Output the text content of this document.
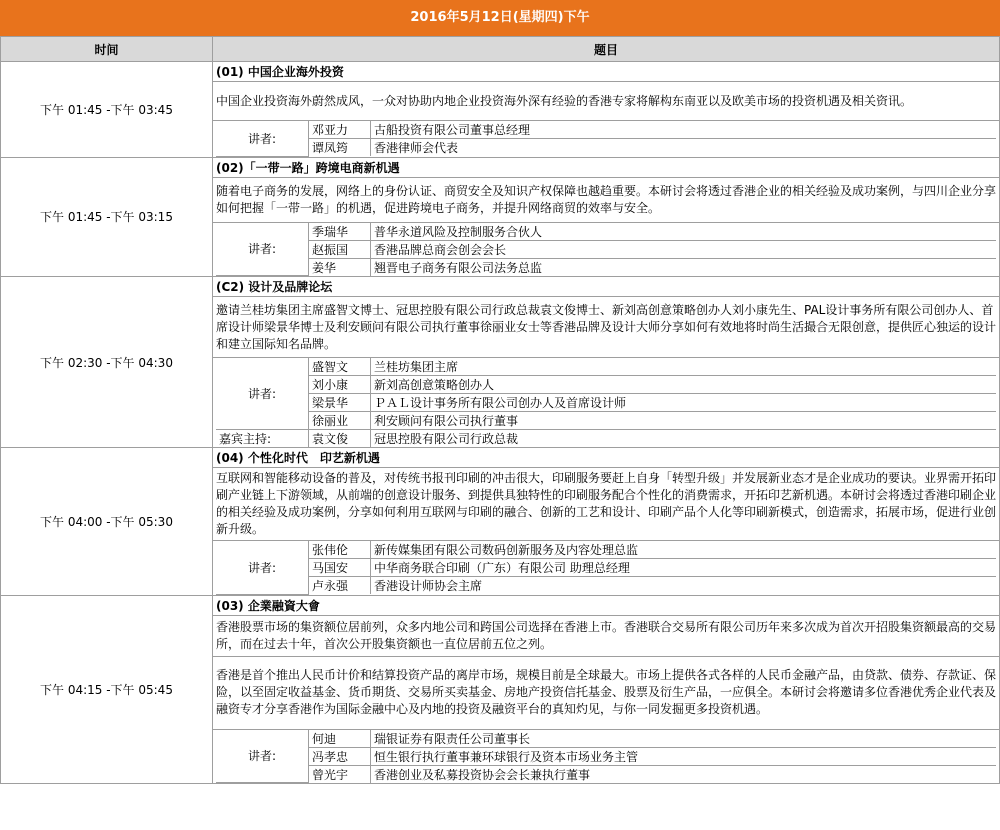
2016年5月12日(星期四)下午
时间	题目
下午 01:45 -下午 03:45	(01) 中国企业海外投资
中国企业投资海外蔚然成风，一众对协助内地企业投资海外深有经验的香港专家将解构东南亚以及欧美市场的投资机遇及相关资讯。

讲者:	邓亚力	古船投资有限公司董事总经理
谭凤筠	香港律师会代表

下午 01:45 -下午 03:15	(02)「一带一路」跨境电商新机遇
随着电子商务的发展，网络上的身份认证、商贸安全及知识产权保障也越趋重要。本研讨会将透过香港企业的相关经验及成功案例，与四川企业分享如何把握「一带一路」的机遇，促进跨境电子商务，并提升网络商贸的效率与安全。

讲者:	季瑞华	普华永道风险及控制服务合伙人
赵振国	香港品牌总商会创会会长
姜华	翘晋电子商务有限公司法务总监

下午 02:30 -下午 04:30	(C2) 设计及品牌论坛
邀请兰桂坊集团主席盛智文博士、冠思控股有限公司行政总裁袁文俊博士、新刘高创意策略创办人刘小康先生、PAL设计事务所有限公司创办人、首席设计师梁景华博士及利安顾问有限公司执行董事徐丽业女士等香港品牌及设计大师分享如何有效地将时尚生活撮合无限创意，提供匠心独运的设计和建立国际知名品牌。

讲者:	盛智文	兰桂坊集团主席
刘小康	新刘高创意策略创办人
梁景华	ＰＡＬ设计事务所有限公司创办人及首席设计师
徐丽业	利安顾问有限公司执行董事
嘉宾主持:	袁文俊	冠思控股有限公司行政总裁

下午 04:00 -下午 05:30	(04) 个性化时代　印艺新机遇
互联网和智能移动设备的普及，对传统书报刊印刷的冲击很大，印刷服务要赶上自身「转型升级」并发展新业态才是企业成功的要诀。业界需开拓印刷产业链上下游领域，从前端的创意设计服务、到提供具独特性的印刷服务配合个性化的消费需求，开拓印艺新机遇。本研讨会将透过香港印刷企业的相关经验及成功案例，分享如何利用互联网与印刷的融合、创新的工艺和设计、印刷产品个人化等印刷新模式，创造需求，拓展市场，促进行业创新升级。

讲者:	张伟伦	新传媒集团有限公司数码创新服务及内容处理总监
马国安	中华商务联合印刷（广东）有限公司 助理总经理
卢永强	香港设计师协会主席

下午 04:15 -下午 05:45	(03) 企業融資大會
香港股票市场的集资额位居前列，众多内地公司和跨国公司选择在香港上市。香港联合交易所有限公司历年来多次成为首次开招股集资额最高的交易所，而在过去十年，首次公开股集资额也一直位居前五位之列。
香港是首个推出人民币计价和结算投资产品的离岸市场，规模目前是全球最大。市场上提供各式各样的人民币金融产品，由贷款、债券、存款证、保险，以至固定收益基金、货币期货、交易所买卖基金、房地产投资信托基金、股票及衍生产品，一应俱全。本研讨会将邀请多位香港优秀企业代表及融资专才分享香港作为国际金融中心及内地的投资及融资平台的真知灼见，与你一同发掘更多投资机遇。

讲者:	何迪	瑞银证券有限责任公司董事长
冯孝忠	恒生银行执行董事兼环球银行及资本市场业务主管
曾光宇	香港创业及私募投资协会会长兼执行董事
